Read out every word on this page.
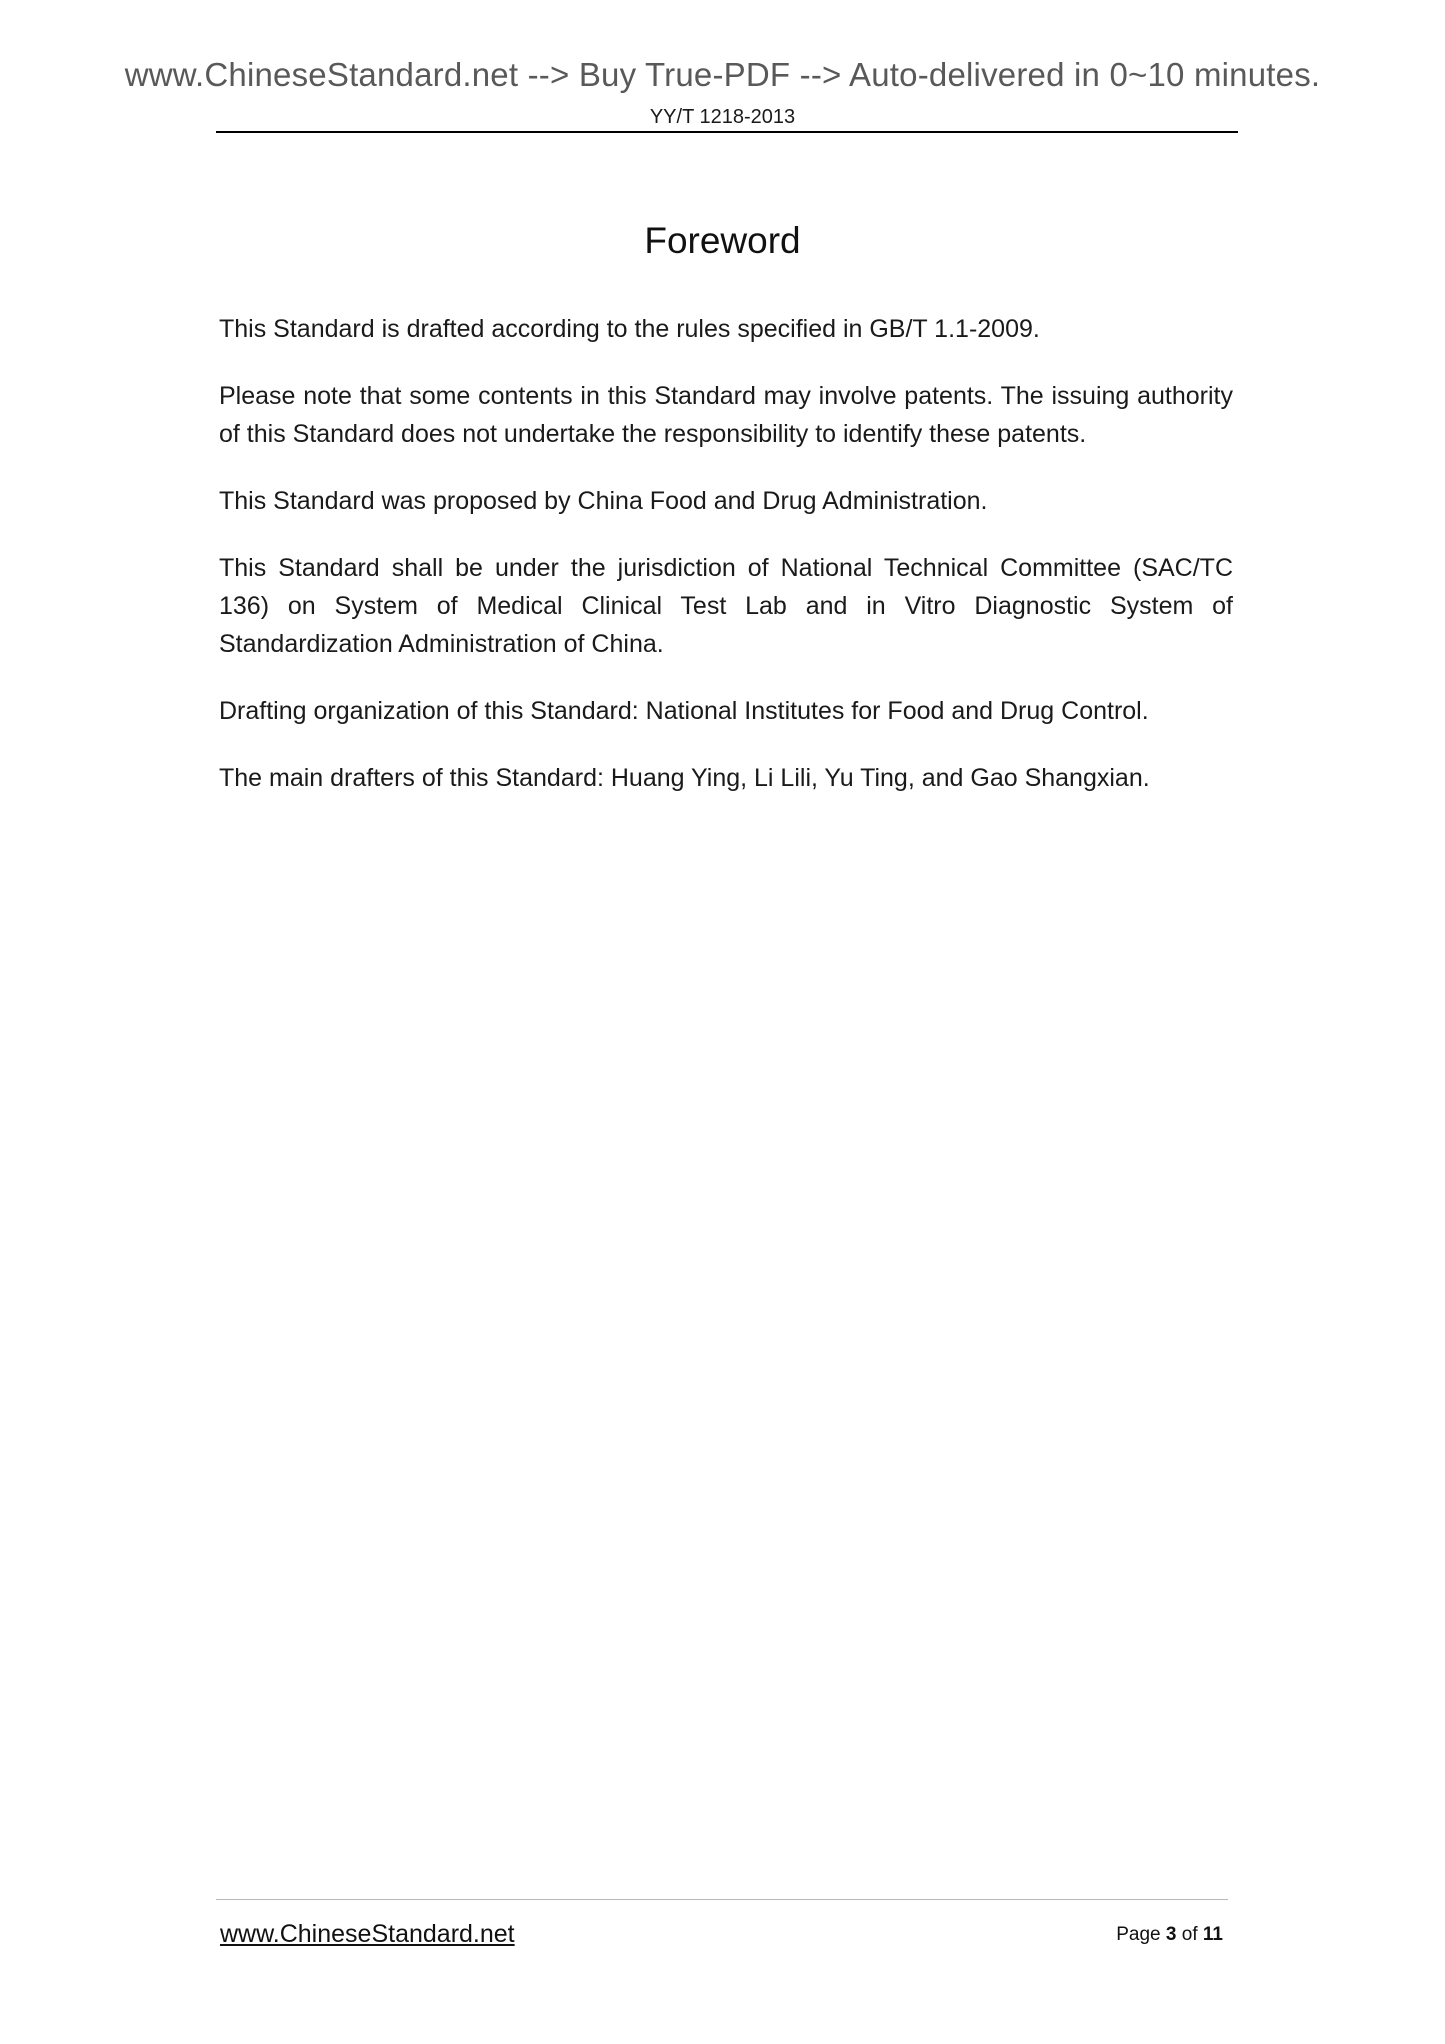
www.ChineseStandard.net --> Buy True-PDF --> Auto-delivered in 0~10 minutes.
YY/T 1218-2013
Foreword

This Standard is drafted according to the rules specified in GB/T 1.1-2009.

Please note that some contents in this Standard may involve patents. The issuing authority of this Standard does not undertake the responsibility to identify these patents.

This Standard was proposed by China Food and Drug Administration.

This Standard shall be under the jurisdiction of National Technical Committee (SAC/TC 136) on System of Medical Clinical Test Lab and in Vitro Diagnostic System of Standardization Administration of China.

Drafting organization of this Standard: National Institutes for Food and Drug Control.

The main drafters of this Standard: Huang Ying, Li Lili, Yu Ting, and Gao Shangxian.

www.ChineseStandard.net	Page 3 of 11
